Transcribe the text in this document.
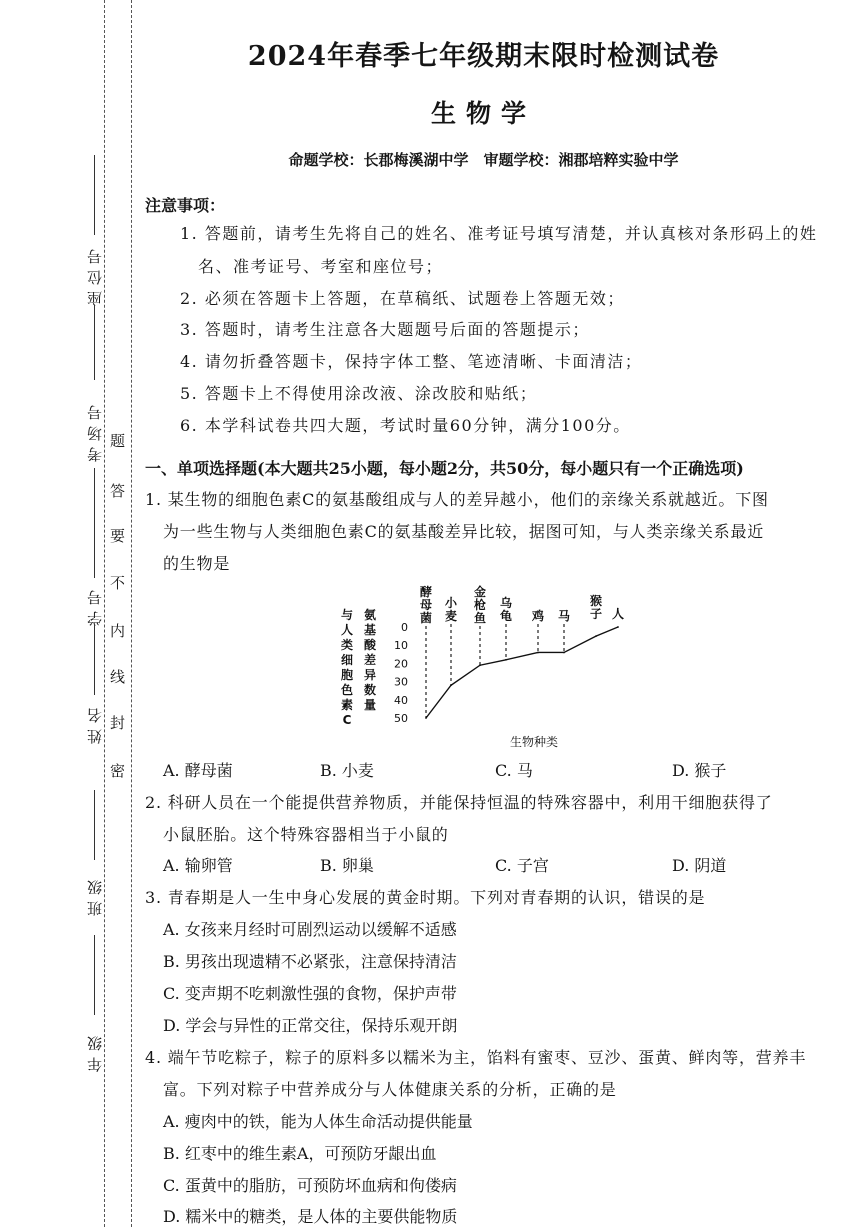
座位号
考场号
学号
姓名
班级
年级
题
答
要
不
内
线
封
密
2024年春季七年级期末限时检测试卷
生物学
命题学校：长郡梅溪湖中学　审题学校：湘郡培粹实验中学
注意事项：
1. 答题前，请考生先将自己的姓名、准考证号填写清楚，并认真核对条形码上的姓
名、准考证号、考室和座位号；
2. 必须在答题卡上答题，在草稿纸、试题卷上答题无效；
3. 答题时，请考生注意各大题题号后面的答题提示；
4. 请勿折叠答题卡，保持字体工整、笔迹清晰、卡面清洁；
5. 答题卡上不得使用涂改液、涂改胶和贴纸；
6. 本学科试卷共四大题，考试时量60分钟，满分100分。
一、单项选择题(本大题共25小题，每小题2分，共50分，每小题只有一个正确选项)
1. 某生物的细胞色素C的氨基酸组成与人的差异越小，他们的亲缘关系就越近。下图
为一些生物与人类细胞色素C的氨基酸差异比较，据图可知，与人类亲缘关系最近
的生物是
与
人
类
细
胞
色
素
C
氨
基
酸
差
异
数
量
0
10
20
30
40
50
酵
母
菌
小
麦
金
枪
鱼
乌
龟 鸡 马
猴
子 人
生物种类
A. 酵母菌	B. 小麦	C. 马	D. 猴子
2. 科研人员在一个能提供营养物质，并能保持恒温的特殊容器中，利用干细胞获得了
小鼠胚胎。这个特殊容器相当于小鼠的
A. 输卵管	B. 卵巢	C. 子宫	D. 阴道
3. 青春期是人一生中身心发展的黄金时期。下列对青春期的认识，错误的是
A. 女孩来月经时可剧烈运动以缓解不适感
B. 男孩出现遗精不必紧张，注意保持清洁
C. 变声期不吃刺激性强的食物，保护声带
D. 学会与异性的正常交往，保持乐观开朗
4. 端午节吃粽子，粽子的原料多以糯米为主，馅料有蜜枣、豆沙、蛋黄、鲜肉等，营养丰
富。下列对粽子中营养成分与人体健康关系的分析，正确的是
A. 瘦肉中的铁，能为人体生命活动提供能量
B. 红枣中的维生素A，可预防牙龈出血
C. 蛋黄中的脂肪，可预防坏血病和佝偻病
D. 糯米中的糖类，是人体的主要供能物质
